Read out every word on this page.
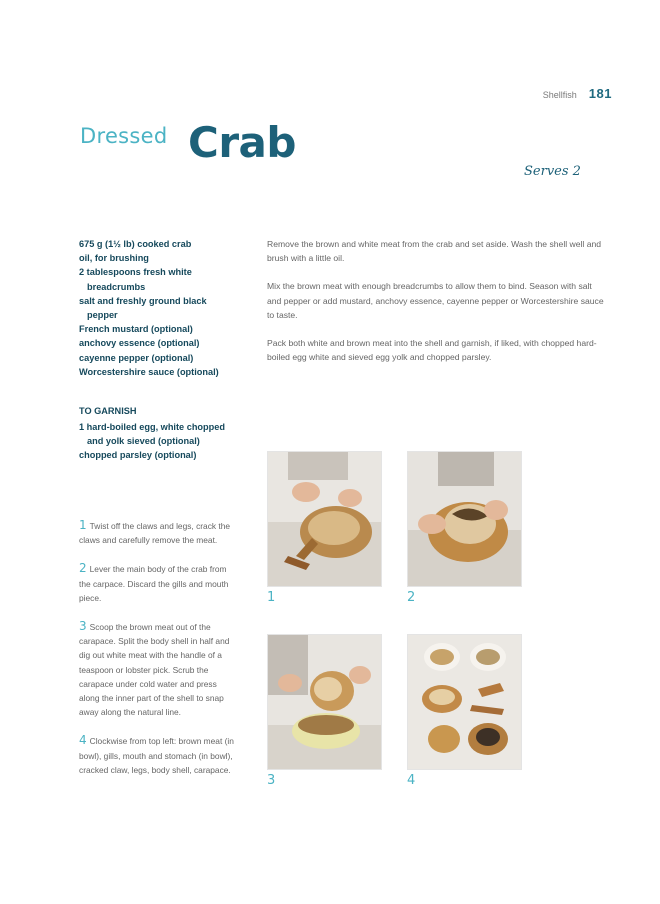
Shellfish 181
Dressed Crab
Serves 2
675 g (1½ lb) cooked crab
oil, for brushing
2 tablespoons fresh white
breadcrumbs
salt and freshly ground black
pepper
French mustard (optional)
anchovy essence (optional)
cayenne pepper (optional)
Worcestershire sauce (optional)
TO GARNISH
1 hard-boiled egg, white chopped
and yolk sieved (optional)
chopped parsley (optional)

Remove the brown and white meat from the crab and set aside. Wash the shell well and brush with a little oil.

Mix the brown meat with enough breadcrumbs to allow them to bind. Season with salt and pepper or add mustard, anchovy essence, cayenne pepper or Worcestershire sauce to taste.

Pack both white and brown meat into the shell and garnish, if liked, with chopped hard-boiled egg white and sieved egg yolk and chopped parsley.

1 Twist off the claws and legs, crack the claws and carefully remove the meat.

2 Lever the main body of the crab from the carpace. Discard the gills and mouth piece.

3 Scoop the brown meat out of the carapace. Split the body shell in half and dig out white meat with the handle of a teaspoon or lobster pick. Scrub the carapace under cold water and press along the inner part of the shell to snap away along the natural line.

4 Clockwise from top left: brown meat (in bowl), gills, mouth and stomach (in bowl), cracked claw, legs, body shell, carapace.

1	2
3	4
